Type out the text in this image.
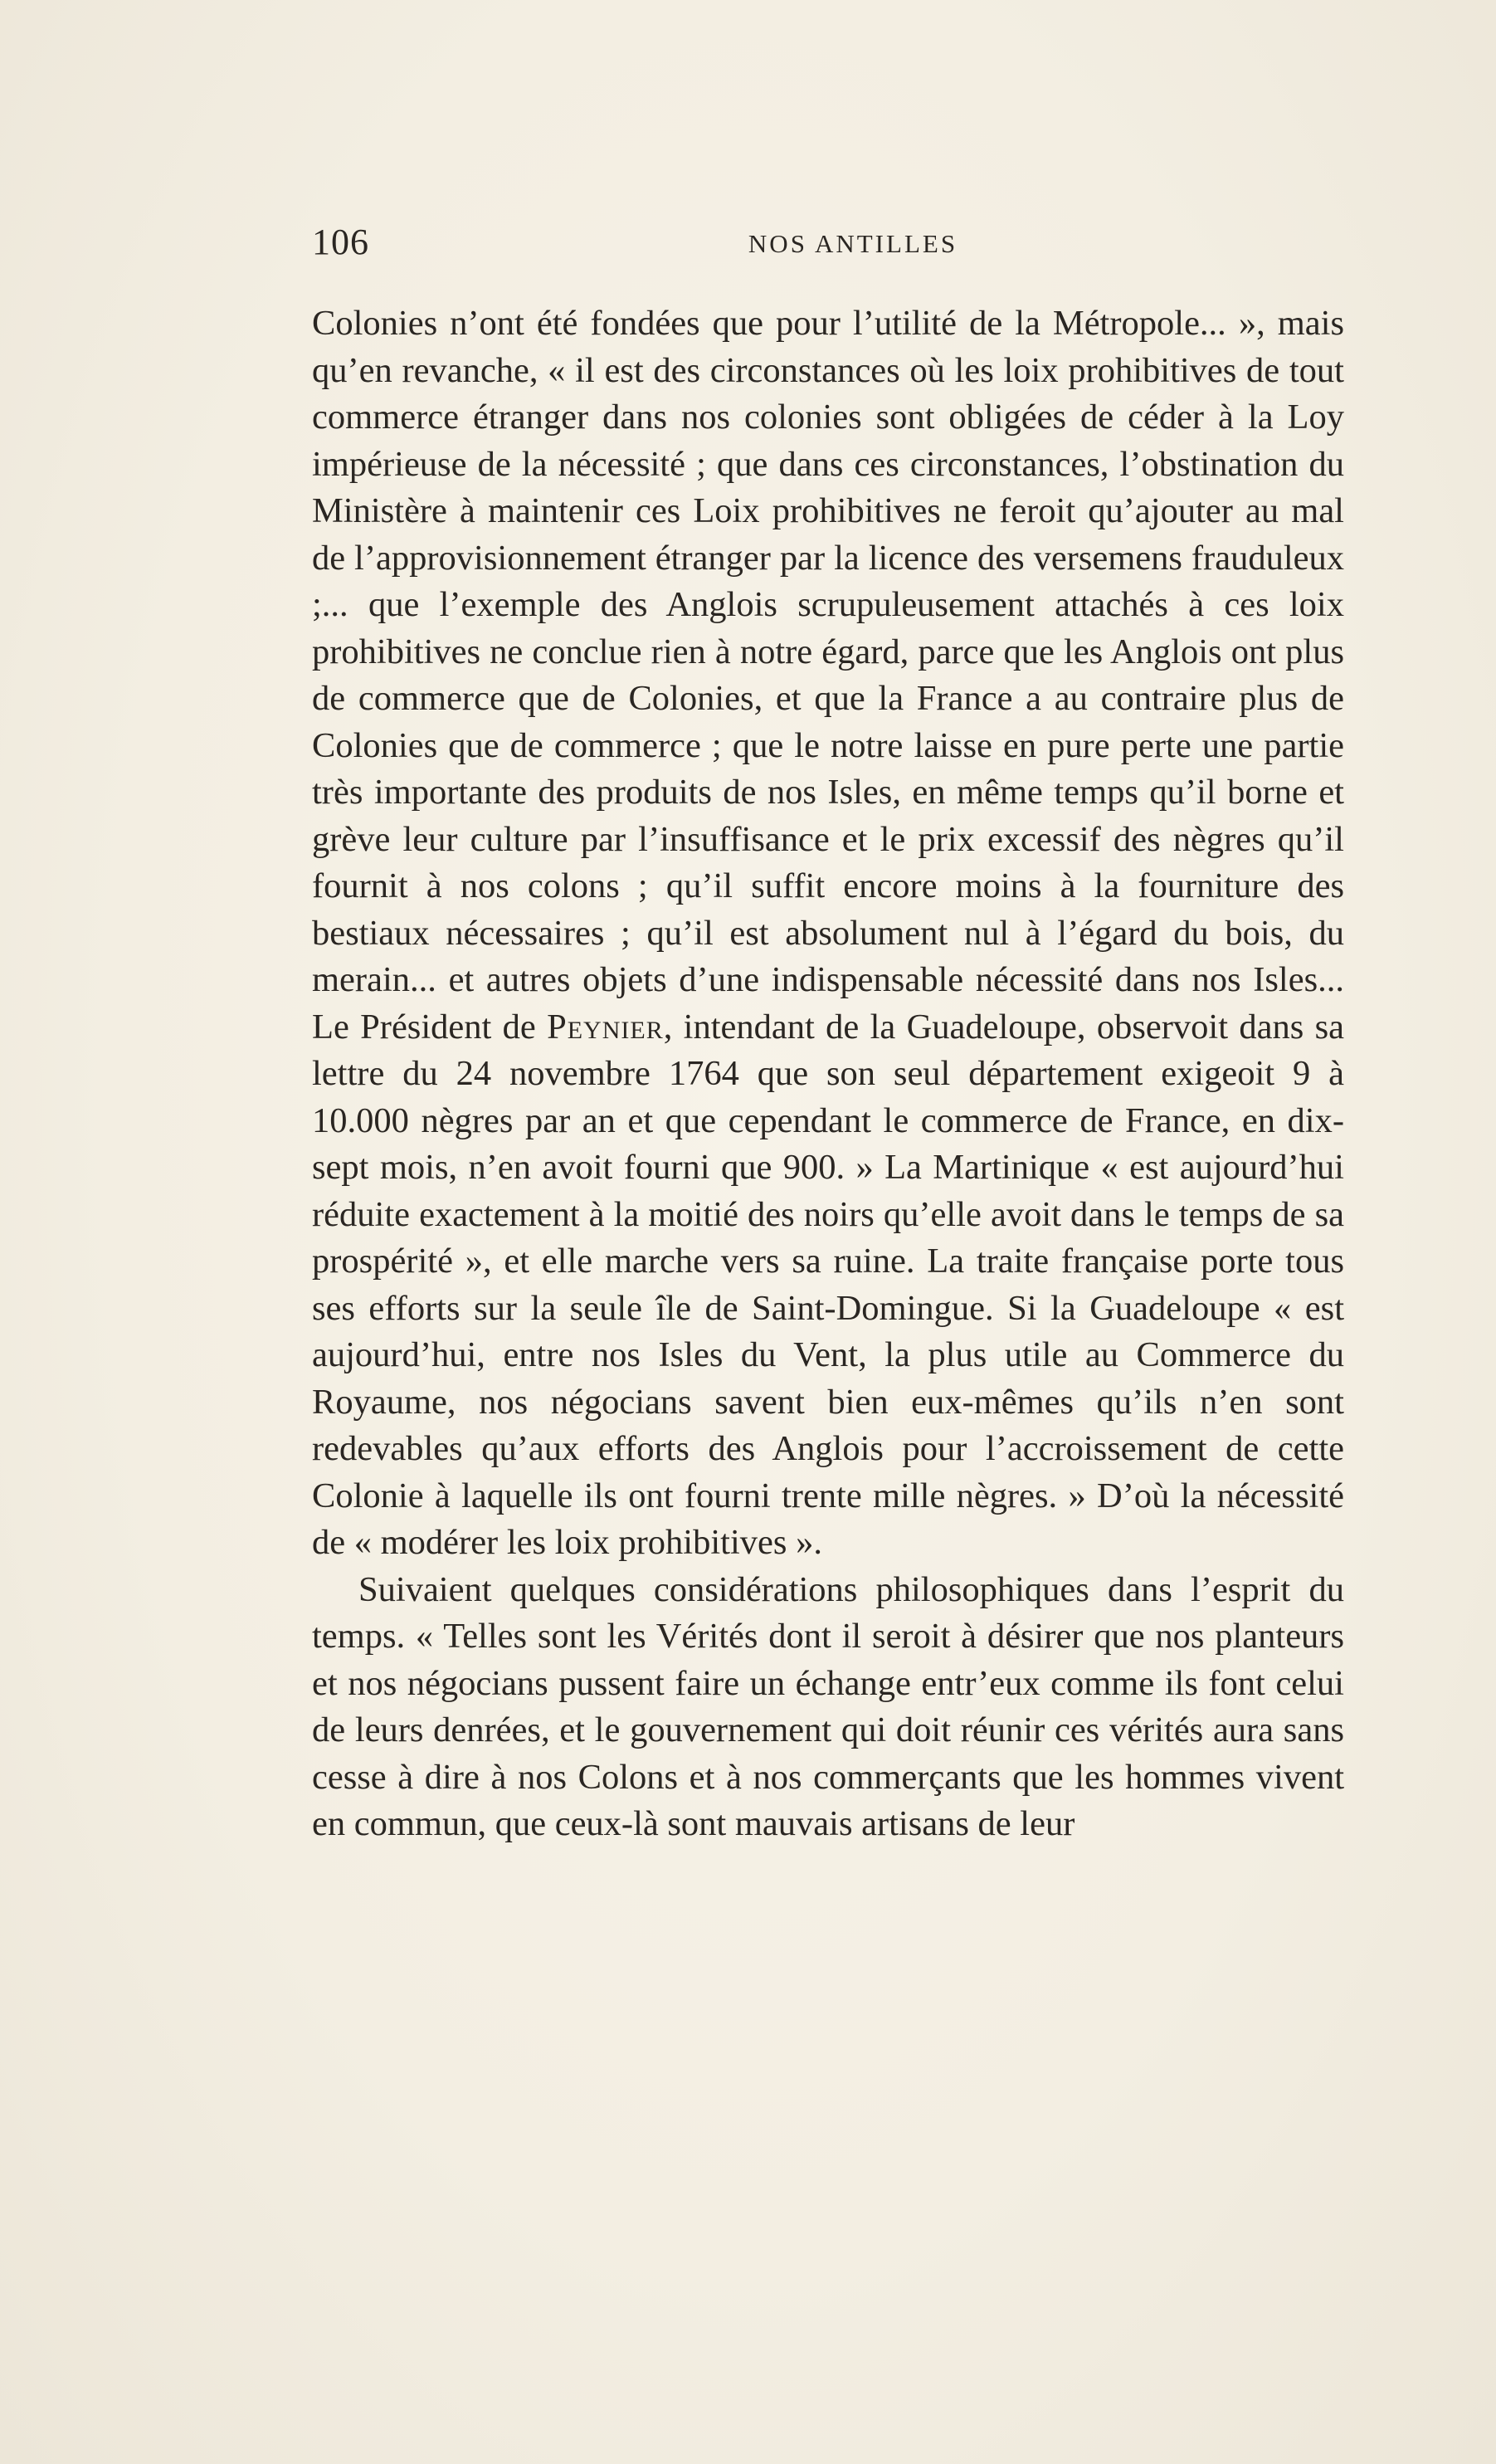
106	NOS ANTILLES

Colonies n’ont été fondées que pour l’utilité de la Métropole... », mais qu’en revanche, « il est des circonstances où les loix prohibitives de tout commerce étranger dans nos colonies sont obligées de céder à la Loy impérieuse de la nécessité ; que dans ces circonstances, l’obstination du Ministère à maintenir ces Loix prohibitives ne feroit qu’ajouter au mal de l’approvisionnement étranger par la licence des versemens frauduleux ;... que l’exemple des Anglois scrupuleusement attachés à ces loix prohibitives ne conclue rien à notre égard, parce que les Anglois ont plus de commerce que de Colonies, et que la France a au contraire plus de Colonies que de commerce ; que le notre laisse en pure perte une partie très importante des produits de nos Isles, en même temps qu’il borne et grève leur culture par l’insuffisance et le prix excessif des nègres qu’il fournit à nos colons ; qu’il suffit encore moins à la fourniture des bestiaux nécessaires ; qu’il est absolument nul à l’égard du bois, du merain... et autres objets d’une indispensable nécessité dans nos Isles... Le Président de Peynier, intendant de la Guadeloupe, observoit dans sa lettre du 24 novembre 1764 que son seul département exigeoit 9 à 10.000 nègres par an et que cependant le commerce de France, en dix-sept mois, n’en avoit fourni que 900. » La Martinique « est aujourd’hui réduite exactement à la moitié des noirs qu’elle avoit dans le temps de sa prospérité », et elle marche vers sa ruine. La traite française porte tous ses efforts sur la seule île de Saint-Domingue. Si la Guadeloupe « est aujourd’hui, entre nos Isles du Vent, la plus utile au Commerce du Royaume, nos négocians savent bien eux-mêmes qu’ils n’en sont redevables qu’aux efforts des Anglois pour l’accroissement de cette Colonie à laquelle ils ont fourni trente mille nègres. » D’où la nécessité de « modérer les loix prohibitives ».

Suivaient quelques considérations philosophiques dans l’esprit du temps. « Telles sont les Vérités dont il seroit à désirer que nos planteurs et nos négocians pussent faire un échange entr’eux comme ils font celui de leurs denrées, et le gouvernement qui doit réunir ces vérités aura sans cesse à dire à nos Colons et à nos commerçants que les hommes vivent en commun, que ceux-là sont mauvais artisans de leur
